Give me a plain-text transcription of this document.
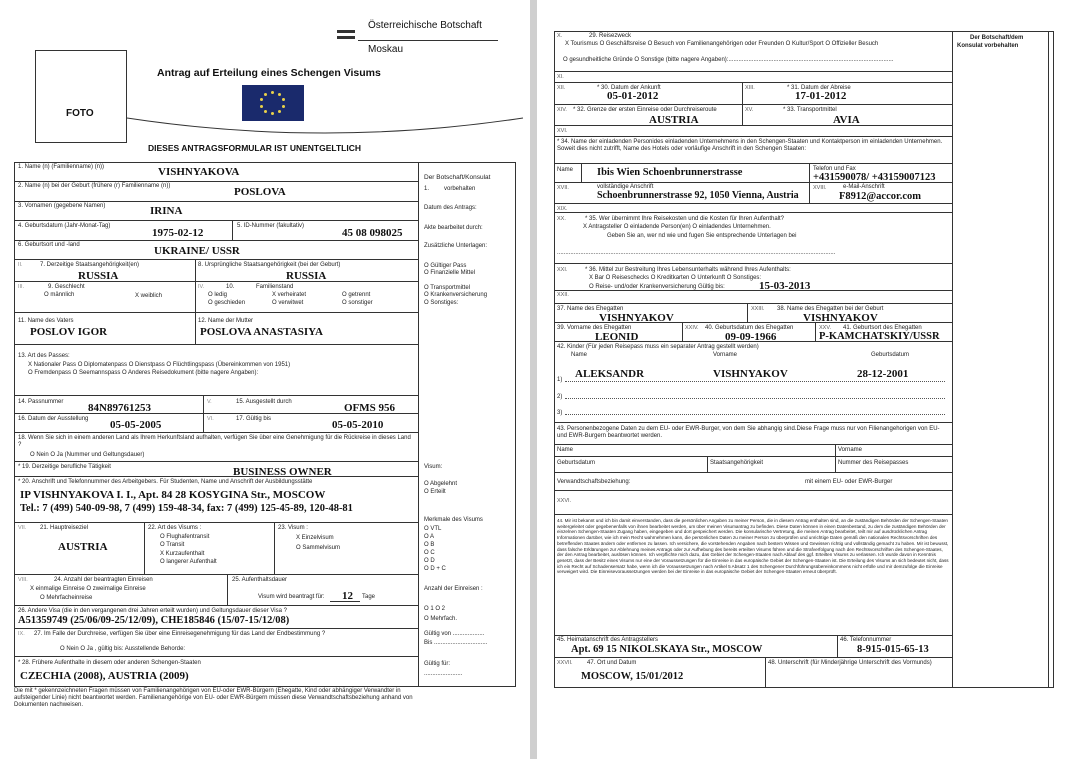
Österreichische Botschaft
Moskau
FOTO
Antrag auf Erteilung eines Schengen Visums
DIESES ANTRAGSFORMULAR IST UNENTGELTLICH
Der Botschaft/Konsulat
1. vorbehalten
Datum des Antrags:
Akte bearbeitet durch:
Zusätzliche Unterlagen:
O Gültiger Pass
O Finanzielle Mittel
O Transportmittel
O Krankenversicherung
O Sonstiges:
Visum:
O Abgelehnt
O Erteilt
Merkmale des Visums
O VTL
O A
O B
O C
O D
O D + C
Anzahl der Einreisen :
O 1 O 2
O Mehrfach.
Gültig von ...................
Bis ................................
Gültig für:
.......................
1. Name (n) (Familienname) (n))	VISHNYAKOVA
2. Name (n) bei der Geburt (frühere (r) Familienname (n))	POSLOVA
3. Vornamen (gegebene Namen)	IRINA
4. Geburtsdatum (Jahr-Monat-Tag)
1975-02-12
5. ID-Nummer (fakultativ)
45 08 098025
6. Geburtsort und -land	UKRAINE/ USSR
II.	7. Derzeitige Staatsangehörigkeit(en)
RUSSIA
8. Ursprüngliche Staatsangehörigkeit (bei der Geburt)
RUSSIA
III.	9. Geschlecht
O männlich	X weiblich
IV.	10.	Familienstand
O ledig	X verheiratet	O getrennt
O geschieden	O verwitwet	O sonstiger
11. Name des Vaters
POSLOV IGOR
12. Name der Mutter
POSLOVA ANASTASIYA
13. Art des Passes:
X Nationaler Pass O Diplomatenpass O Dienstpass O Flüchtlingspass (Übereinkommen von 1951)
O Fremdenpass O Seemannspass O Anderes Reisedokument (bitte nagere Angaben):
14. Passnummer 84N89761253	V.	15. Ausgestellt durch	OFMS 956
16. Datum der Ausstellung 05-05-2005	VI.	17. Gültig bis	05-05-2010
18. Wenn Sie sich in einem anderen Land als Ihrem Herkunftsland aufhalten, verfügen Sie über eine Genehmigung für die Rückreise in dieses Land ?
O Nein O Ja (Nummer und Geltungsdauer)
* 19. Derzeitige berufliche Tätigkeit	BUSINESS OWNER
* 20. Anschrift und Telefonnummer des Arbeitgebers. Für Studenten, Name und Anschrift der Ausbildungsstätte
IP VISHNYAKOVA I. I., Apt. 84 28 KOSYGINA Str., MOSCOW
Tel.: 7 (499) 540-09-98, 7 (499) 159-48-34, fax: 7 (499) 125-45-89, 120-48-81
VII. 21. Hauptreiseziel
AUSTRIA
22. Art des Visums :
O Flughafentransit
O Transit
X Kurzaufenthalt
O langerer Aufenthalt
23. Visum :
X Einzelvisum
O Sammelvisum
VIII.	24. Anzahl der beantragten Einreisen
X einmalige Einreise O zweimalige Einreise
O Mehrfacheinreise
25. Aufenthaltsdauer
Visum wird beantragt für: 12 Tage
26. Andere Visa (die in den vergangenen drei Jahren erteilt wurden) und Geltungsdauer dieser Visa ?
A51359749 (25/06/09-25/12/09), CHE185846 (15/07-15/12/08)
IX. 27. Im Falle der Durchreise, verfügen Sie über eine Einreisegenehmigung für das Land der Endbestimmung ?
O Nein O Ja , gültig bis: Ausstellende Behorde:
* 28. Frühere Aufenthalte in diesem oder anderen Schengen-Staaten
CZECHIA (2008), AUSTRIA (2009)
Die mit * gekennzeichneten Fragen müssen von Familienangehörigen von EU-oder EWR-Bürgern (Ehegatte, Kind oder abhängiger Verwandter in aufsteigender Linie) nicht beantwortet werden. Familienangehörige von EU- oder EWR-Bürgern müssen diese Verwandtschaftsbeziehung anhand von Dokumenten nachweisen.
Der Botschaft/dem
Konsulat vorbehalten
X.	29. Reisezweck
X Tourismus O Geschäftsreise O Besuch von Familienangehörigen oder Freunden O Kultur/Sport O Offizieller Besuch
O gesundheitliche Gründe O Sonstige (bitte nagere Angaben):...................................................................................................
XI.
XII.	* 30. Datum der Ankunft
05-01-2012
XIII.	* 31. Datum der Abreise
17-01-2012
XIV.	* 32. Grenze der ersten Einreise oder Durchreiseroute
AUSTRIA
XV.	* 33. Transportmittel
AVIA
XVI.
* 34. Name der einladenden Personides einladenden Unternehmens in den Schengen-Staaten und Kontaktperson im einladenden Unternehmen. Soweit dies nicht zutrifft, Name des Hotels oder vorläufige Anschrift in den Schengen Staaten:
Name Ibis Wien Schoenbrunnerstrasse	Telefon und Fax
+431590078/ +43159007123
XVII.	vollständige Anschrift
Schoenbrunnerstrasse 92, 1050 Vienna, Austria
XVIII.	e-Mail-Anschrift
F8912@accor.com
XIX.
XX.	* 35. Wer übernimmt Ihre Reisekosten und die Kosten für Ihren Aufenthalt?
X Antragsteller O einladende Person(en) O einladendes Unternehmen.
Geben Sie an, wer nd wie und fugen Sie entsprechende Unterlagen bei
.......................................................................................................................................................................
XXI.	* 36. Mittel zur Bestreitung Ihres Lebensunterhalts während Ihres Aufenthalts:
X Bar O Reiseschecks O Kreditkarten O Unterkunft O Sonstiges:
O Reise- und/oder Krankenversicherung Gültig bis:	15-03-2013
XXII.
37. Name des Ehegatten
VISHNYAKOV
XXIII. 38. Name des Ehegatten bei der Geburt
VISHNYAKOV
39. Vorname des Ehegatten
LEONID
XXIV. 40. Geburtsdatum des Ehegatten
09-09-1966
XXV. 41. Geburtsort des Ehegatten
P-KAMCHATSKIY/USSR
42. Kinder (Für jeden Reisepass muss ein separater Antrag gestellt werden)
Name	Vorname	Geburtsdatum
ALEKSANDR	VISHNYAKOV	28-12-2001
1)
2)
3)
43. Personenbezogene Daten zu dem EU- oder EWR-Burger, von dem Sie abhangig sind.Diese Frage muss nur von Filienangehorigen von EU- und EWR-Burgern beantwortet werden.
Name	Vorname
Geburtsdatum	Staatsangehörigkeit	Nummer des Reisepasses
Verwandtschaftsbeziehung:	mit einem EU- oder EWR-Burger
XXVI.
44. Mir ist bekannt und ich bin damit einverstanden, dass die persönlichen Angaben zu meiner Person, die in diesem Antrag enthalten sind, an die zuständigen Behörden der Schengen-Staaten weitergeleitet oder gegebenenfalls von ihnen bearbeitet werden, um über meinen Visumantrag zu befinden. Diese Daten können in einen Datenbestand, zu dem die zuständigen Behörden der einzelnen Schengen-Staaten Zugang haben, eingegeben und dort gespeichert werden. Die konsularische Vertretung, die meinen Antrag bearbeitet, teilt mir auf ausdrücklichen Antrag Informationen darüber, wie ich mein Recht wahrnehmen kann, die persönlichen Daten zu meiner Person zu überprüfen und unrichtige Daten gemäß den nationalen Rechtsvorschriften des betreffenden Staates ändern oder entfernen zu lassen. Ich versichere, die vorstehenden Angaben nach bestem Wissen und Gewissen richtig und vollständig gemacht zu haben. Mir ist bewusst, dass falsche Erklärungen zur Ablehnung meines Antrags oder zur Aufhebung des bereits erteilten Visums führen und die Strafverfolgung nach den Rechtsvorschriften des Schengen-Staates, der den Antrag bearbeitet, auslösen können. Ich verpflichte mich dazu, das Gebiet der Schengen-Staaten nach Ablauf des ggf. Erteilten Visums zu verlassen. Ich wurde davon in Kenntnis gesetzt, dass der Besitz eines Visums nur eine der Voraussetzungen für die Einreise in das europäische Gebiet der Schengen-Staaten ist. Die Erteilung des Visums an sich bedeutet nicht, dass ich ein Recht auf Schadensersatz habe, wenn ich die Voraussetzungen nach Artikel 5 Absatz 1 des Schengener Durchführungsübereinkommens nicht erfülle und mir demzufolge die Einreise verweigert wird. Die Einreisevoraussetzungen werden bei der Einreise in das europäische Gebiet der Schengen-Staaten erneut überprüft.
45. Heimatanschrift des Antragstellers
Apt. 69 15 NIKOLSKAYA Str., MOSCOW
46. Telefonnummer
8-915-015-65-13
XXVII. 47. Ort und Datum
MOSCOW, 15/01/2012
48. Unterschrift (für Minderjährige Unterschrift des Vormunds)
